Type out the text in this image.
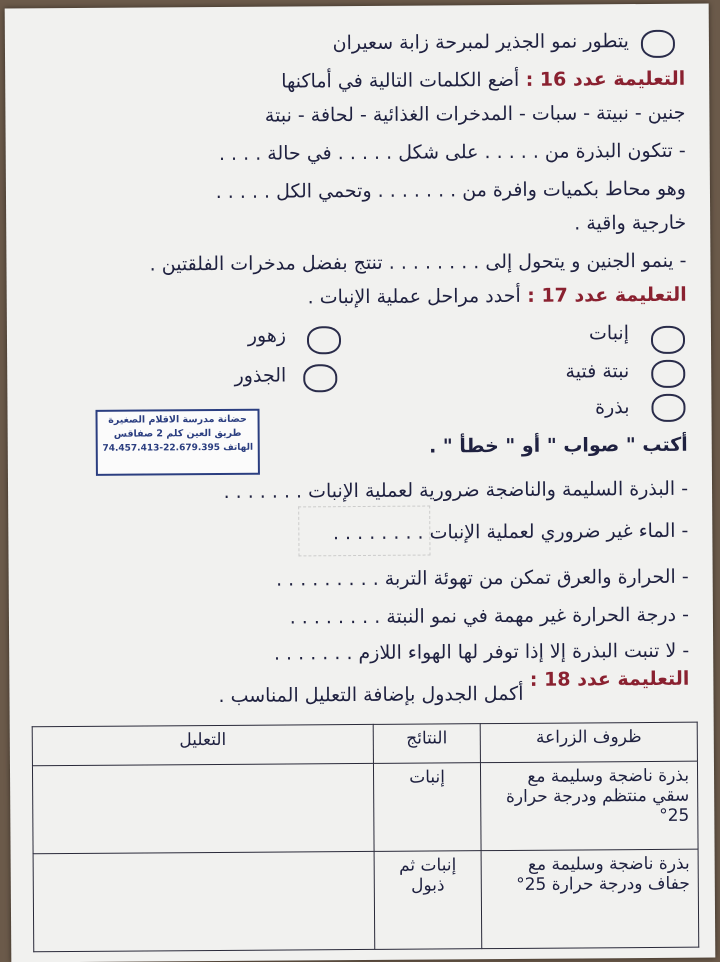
يتطور نمو الجذير لمبرحة زابة سعيران
التعليمة عدد 16 :
أضع الكلمات التالية في أماكنها
جنين - نبيتة - سبات - المدخرات الغذائية - لحافة - نبتة
- تتكون البذرة من . . . . . على شكل . . . . . في حالة . . . .
وهو محاط بكميات وافرة من . . . . . . . وتحمي الكل . . . . .
خارجية واقية .
- ينمو الجنين و يتحول إلى . . . . . . . . تنتج بفضل مدخرات الفلقتين .
التعليمة عدد 17 :
أحدد مراحل عملية الإنبات .
إنبات
زهور
نبتة فتية
الجذور
بذرة
حضانة مدرسة الاقلام الصغيرة
طريق العين كلم 2 صفاقس
الهاتف 22.679.395-74.457.413	أكتب " صواب " أو " خطأ " .
- البذرة السليمة والناضجة ضرورية لعملية الإنبات . . . . . . .
- الماء غير ضروري لعملية الإنبات . . . . . . . .
- الحرارة والعرق تمكن من تهوئة التربة . . . . . . . . .
- درجة الحرارة غير مهمة في نمو النبتة . . . . . . . .
- لا تنبت البذرة إلا إذا توفر لها الهواء اللازم . . . . . . .
التعليمة عدد 18 :
أكمل الجدول بإضافة التعليل المناسب .
ظروف الزراعة	النتائج	التعليل
بذرة ناضجة وسليمة مع سقي منتظم ودرجة حرارة 25°	إنبات	
بذرة ناضجة وسليمة مع جفاف ودرجة حرارة 25°	إنبات ثم ذبول	
